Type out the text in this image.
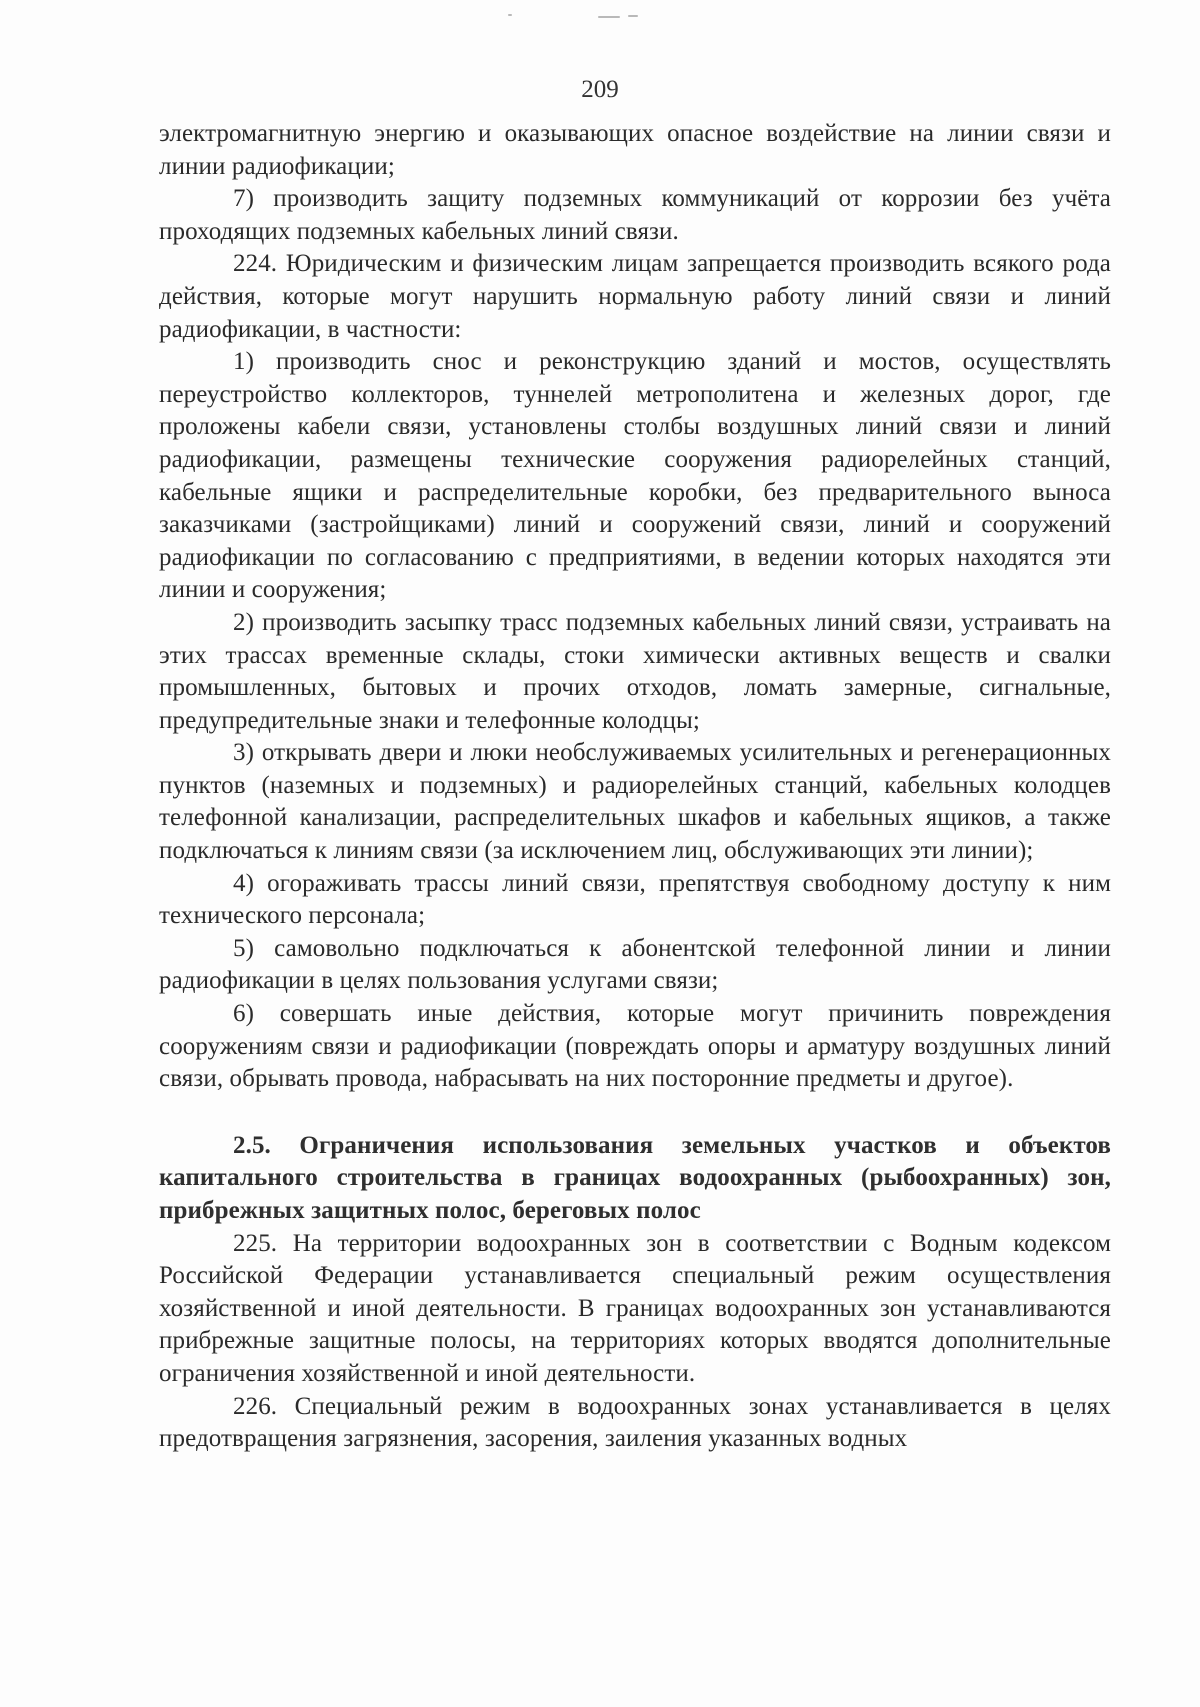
209

электромагнитную энергию и оказывающих опасное воздействие на линии связи и линии радиофикации;

7) производить защиту подземных коммуникаций от коррозии без учёта проходящих подземных кабельных линий связи.

224. Юридическим и физическим лицам запрещается производить всякого рода действия, которые могут нарушить нормальную работу линий связи и линий радиофикации, в частности:

1) производить снос и реконструкцию зданий и мостов, осуществлять переустройство коллекторов, туннелей метрополитена и железных дорог, где проложены кабели связи, установлены столбы воздушных линий связи и линий радиофикации, размещены технические сооружения радиорелейных станций, кабельные ящики и распределительные коробки, без предварительного выноса заказчиками (застройщиками) линий и сооружений связи, линий и сооружений радиофикации по согласованию с предприятиями, в ведении которых находятся эти линии и сооружения;

2) производить засыпку трасс подземных кабельных линий связи, устраивать на этих трассах временные склады, стоки химически активных веществ и свалки промышленных, бытовых и прочих отходов, ломать замерные, сигнальные, предупредительные знаки и телефонные колодцы;

3) открывать двери и люки необслуживаемых усилительных и регенерационных пунктов (наземных и подземных) и радиорелейных станций, кабельных колодцев телефонной канализации, распределительных шкафов и кабельных ящиков, а также подключаться к линиям связи (за исключением лиц, обслуживающих эти линии);

4) огораживать трассы линий связи, препятствуя свободному доступу к ним технического персонала;

5) самовольно подключаться к абонентской телефонной линии и линии радиофикации в целях пользования услугами связи;

6) совершать иные действия, которые могут причинить повреждения сооружениям связи и радиофикации (повреждать опоры и арматуру воздушных линий связи, обрывать провода, набрасывать на них посторонние предметы и другое).

2.5. Ограничения использования земельных участков и объектов капитального строительства в границах водоохранных (рыбоохранных) зон, прибрежных защитных полос, береговых полос

225. На территории водоохранных зон в соответствии с Водным кодексом Российской Федерации устанавливается специальный режим осуществления хозяйственной и иной деятельности. В границах водоохранных зон устанавливаются прибрежные защитные полосы, на территориях которых вводятся дополнительные ограничения хозяйственной и иной деятельности.

226. Специальный режим в водоохранных зонах устанавливается в целях предотвращения загрязнения, засорения, заиления указанных водных
